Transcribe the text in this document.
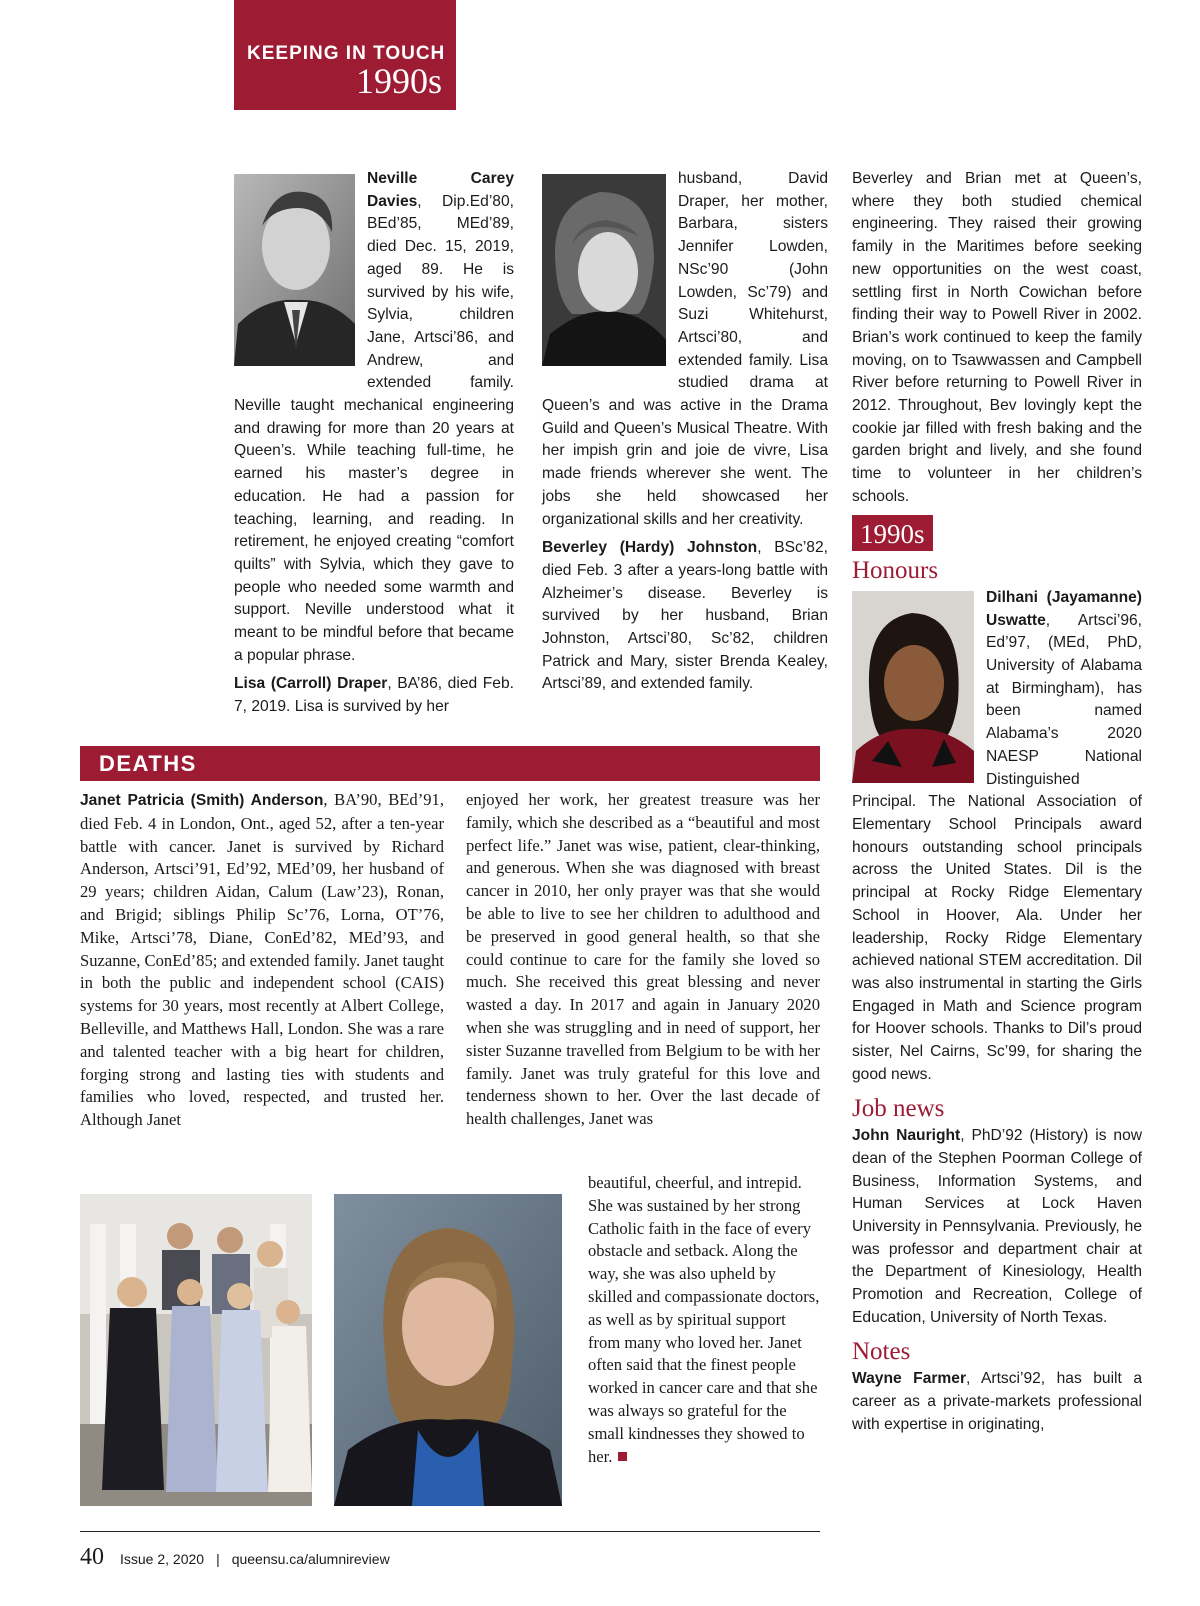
KEEPING IN TOUCH
1990s

Neville Carey Davies, Dip.Ed’80, BEd’85, MEd’89, died Dec. 15, 2019, aged 89. He is survived by his wife, Sylvia, children Jane, Artsci’86, and Andrew, and extended family. Neville taught mechanical engineering and drawing for more than 20 years at Queen’s. While teaching full-time, he earned his master’s degree in education. He had a passion for teaching, learning, and reading. In retirement, he enjoyed creating “comfort quilts” with Sylvia, which they gave to people who needed some warmth and support. Neville understood what it meant to be mindful before that became a popular phrase.

Lisa (Carroll) Draper, BA’86, died Feb. 7, 2019. Lisa is survived by her

husband, David Draper, her mother, Barbara, sisters Jennifer Lowden, NSc’90 (John Lowden, Sc’79) and Suzi Whitehurst, Artsci’80, and extended family. Lisa studied drama at Queen’s and was active in the Drama Guild and Queen’s Musical Theatre. With her impish grin and joie de vivre, Lisa made friends wherever she went. The jobs she held showcased her organizational skills and her creativity.

Beverley (Hardy) Johnston, BSc’82, died Feb. 3 after a years-long battle with Alzheimer’s disease. Beverley is survived by her husband, Brian Johnston, Artsci’80, Sc’82, children Patrick and Mary, sister Brenda Kealey, Artsci’89, and extended family.

Beverley and Brian met at Queen’s, where they both studied chemical engineering. They raised their growing family in the Maritimes before seeking new opportunities on the west coast, settling first in North Cowichan before finding their way to Powell River in 2002. Brian’s work continued to keep the family moving, on to Tsawwassen and Campbell River before returning to Powell River in 2012. Throughout, Bev lovingly kept the cookie jar filled with fresh baking and the garden bright and lively, and she found time to volunteer in her children’s schools.

1990s
Honours
Dilhani (Jayamanne) Uswatte, Artsci’96, Ed’97, (MEd, PhD, University of Alabama at Birmingham), has been named Alabama’s 2020 NAESP National Distinguished Principal. The National Association of Elementary School Principals award honours outstanding school principals across the United States. Dil is the principal at Rocky Ridge Elementary School in Hoover, Ala. Under her leadership, Rocky Ridge Elementary achieved national STEM accreditation. Dil was also instrumental in starting the Girls Engaged in Math and Science program for Hoover schools. Thanks to Dil’s proud sister, Nel Cairns, Sc’99, for sharing the good news.
Job news

John Nauright, PhD’92 (History) is now dean of the Stephen Poorman College of Business, Information Systems, and Human Services at Lock Haven University in Pennsylvania. Previously, he was professor and department chair at the Department of Kinesiology, Health Promotion and Recreation, College of Education, University of North Texas.

Notes

Wayne Farmer, Artsci’92, has built a career as a private-markets professional with expertise in originating,

DEATHS

Janet Patricia (Smith) Anderson, BA’90, BEd’91, died Feb. 4 in London, Ont., aged 52, after a ten-year battle with cancer. Janet is survived by Richard Anderson, Artsci’91, Ed’92, MEd’09, her husband of 29 years; children Aidan, Calum (Law’23), Ronan, and Brigid; siblings Philip Sc’76, Lorna, OT’76, Mike, Artsci’78, Diane, ConEd’82, MEd’93, and Suzanne, ConEd’85; and extended family. Janet taught in both the public and independent school (CAIS) systems for 30 years, most recently at Albert College, Belleville, and Matthews Hall, London. She was a rare and talented teacher with a big heart for children, forging strong and lasting ties with students and families who loved, respected, and trusted her. Although Janet

enjoyed her work, her greatest treasure was her family, which she described as a “beautiful and most perfect life.” Janet was wise, patient, clear-thinking, and generous. When she was diagnosed with breast cancer in 2010, her only prayer was that she would be able to live to see her children to adulthood and be preserved in good general health, so that she could continue to care for the family she loved so much. She received this great blessing and never wasted a day. In 2017 and again in January 2020 when she was struggling and in need of support, her sister Suzanne travelled from Belgium to be with her family. Janet was truly grateful for this love and tenderness shown to her. Over the last decade of health challenges, Janet was

beautiful, cheerful, and intrepid. She was sustained by her strong Catholic faith in the face of every obstacle and setback. Along the way, she was also upheld by skilled and compassionate doctors, as well as by spiritual support from many who loved her. Janet often said that the finest people worked in cancer care and that she was always so grateful for the small kindnesses they showed to her.

40 Issue 2, 2020 | queensu.ca/alumnireview
